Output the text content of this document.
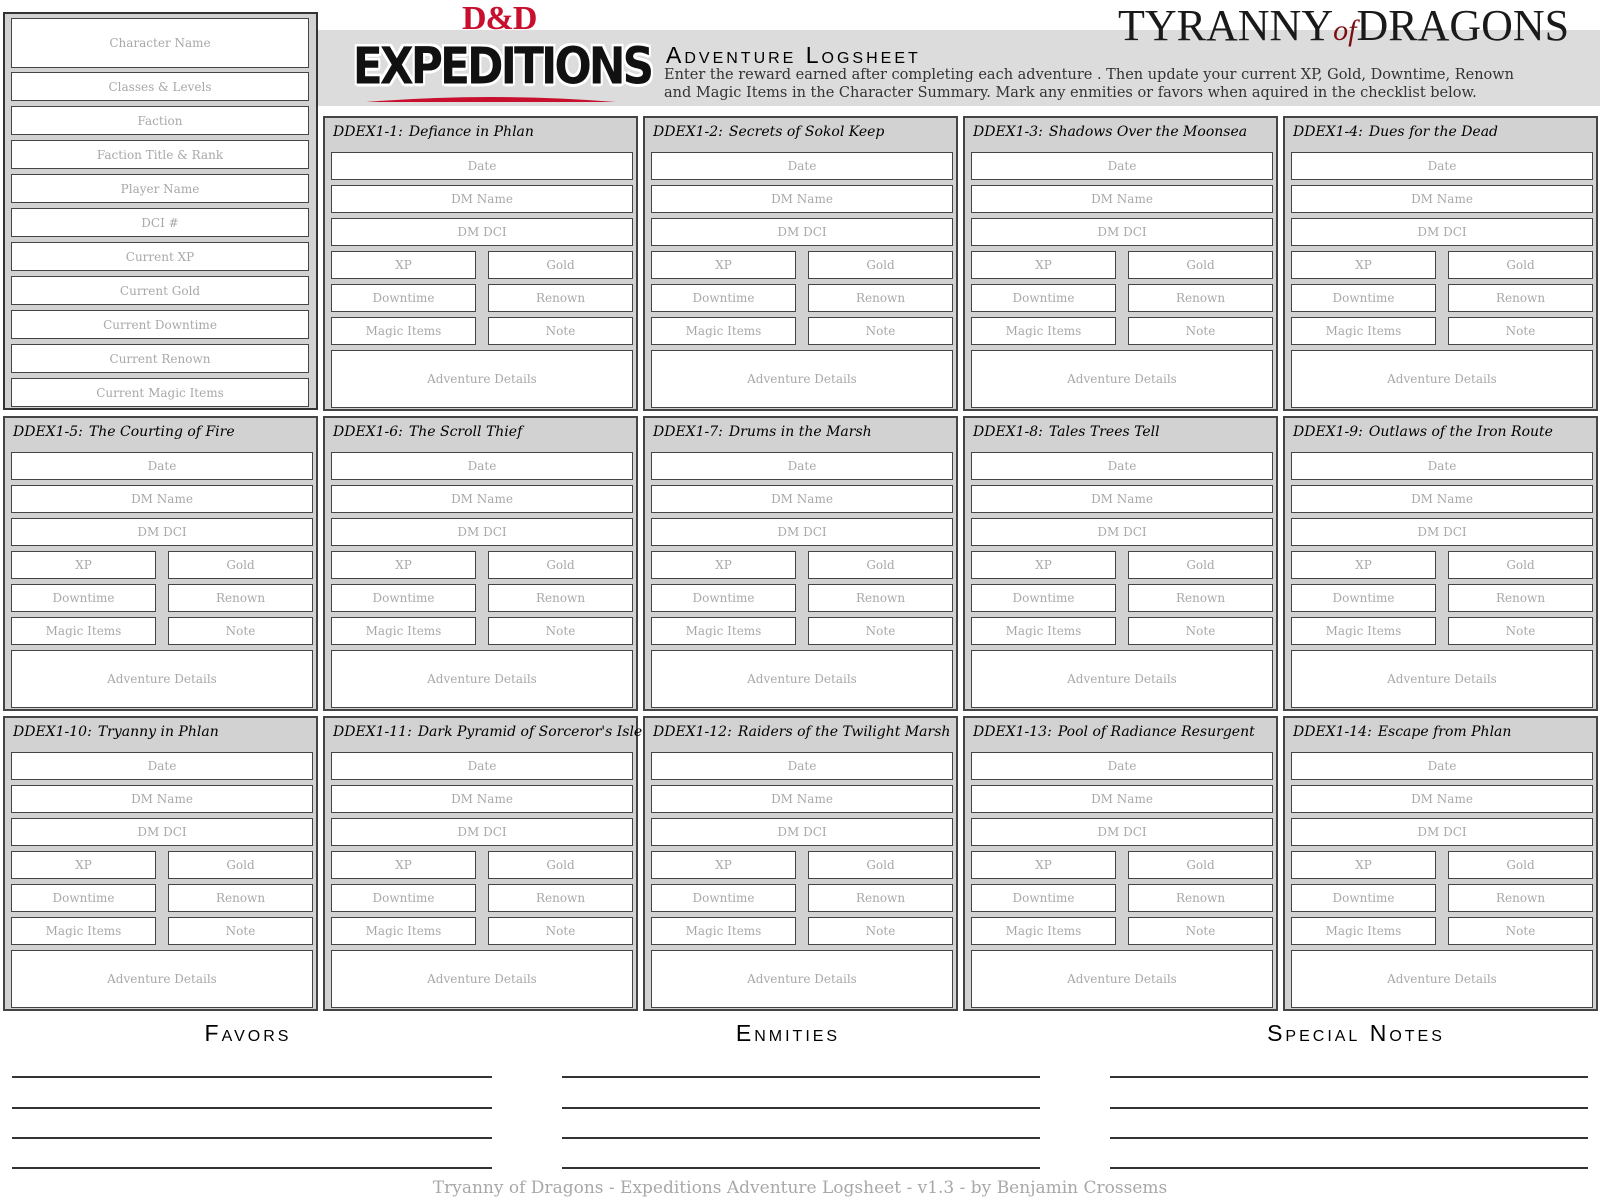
D&D
EXPEDITIONS
TYRANNYofDRAGONS
Adventure Logsheet
Enter the reward earned after completing each adventure . Then update your current XP, Gold, Downtime, Renown and Magic Items in the Character Summary. Mark any enmities or favors when aquired in the checklist below.
Character Name
Classes & Levels
Faction
Faction Title & Rank
Player Name
DCI #
Current XP
Current Gold
Current Downtime
Current Renown
Current Magic Items
DDEX1-1: Defiance in Phlan
Date
DM Name
DM DCI
XP	Gold
Downtime	Renown
Magic Items	Note
Adventure Details
DDEX1-2: Secrets of Sokol Keep
Date
DM Name
DM DCI
XP	Gold
Downtime	Renown
Magic Items	Note
Adventure Details
DDEX1-3: Shadows Over the Moonsea
Date
DM Name
DM DCI
XP	Gold
Downtime	Renown
Magic Items	Note
Adventure Details
DDEX1-4: Dues for the Dead
Date
DM Name
DM DCI
XP	Gold
Downtime	Renown
Magic Items	Note
Adventure Details
DDEX1-5: The Courting of Fire
Date
DM Name
DM DCI
XP	Gold
Downtime	Renown
Magic Items	Note
Adventure Details
DDEX1-6: The Scroll Thief
Date
DM Name
DM DCI
XP	Gold
Downtime	Renown
Magic Items	Note
Adventure Details
DDEX1-7: Drums in the Marsh
Date
DM Name
DM DCI
XP	Gold
Downtime	Renown
Magic Items	Note
Adventure Details
DDEX1-8: Tales Trees Tell
Date
DM Name
DM DCI
XP	Gold
Downtime	Renown
Magic Items	Note
Adventure Details
DDEX1-9: Outlaws of the Iron Route
Date
DM Name
DM DCI
XP	Gold
Downtime	Renown
Magic Items	Note
Adventure Details
DDEX1-10: Tryanny in Phlan
Date
DM Name
DM DCI
XP	Gold
Downtime	Renown
Magic Items	Note
Adventure Details
DDEX1-11: Dark Pyramid of Sorceror's Isle
Date
DM Name
DM DCI
XP	Gold
Downtime	Renown
Magic Items	Note
Adventure Details
DDEX1-12: Raiders of the Twilight Marsh
Date
DM Name
DM DCI
XP	Gold
Downtime	Renown
Magic Items	Note
Adventure Details
DDEX1-13: Pool of Radiance Resurgent
Date
DM Name
DM DCI
XP	Gold
Downtime	Renown
Magic Items	Note
Adventure Details
DDEX1-14: Escape from Phlan
Date
DM Name
DM DCI
XP	Gold
Downtime	Renown
Magic Items	Note
Adventure Details
Favors	Enmities	Special Notes
Tryanny of Dragons - Expeditions Adventure Logsheet - v1.3 - by Benjamin Crossems
